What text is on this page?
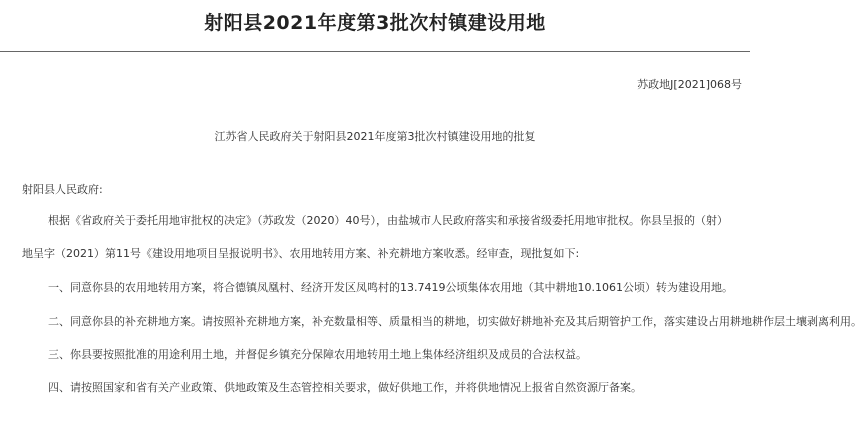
射阳县2021年度第3批次村镇建设用地
苏政地J[2021]068号
江苏省人民政府关于射阳县2021年度第3批次村镇建设用地的批复
射阳县人民政府:
根据《省政府关于委托用地审批权的决定》（苏政发（2020）40号），由盐城市人民政府落实和承接省级委托用地审批权。你县呈报的（射）地呈字（2021）第11号《建设用地项目呈报说明书》、农用地转用方案、补充耕地方案收悉。经审查，现批复如下:
一、同意你县的农用地转用方案，将合德镇凤凰村、经济开发区凤鸣村的13.7419公顷集体农用地（其中耕地10.1061公顷）转为建设用地。
二、同意你县的补充耕地方案。请按照补充耕地方案，补充数量相等、质量相当的耕地，切实做好耕地补充及其后期管护工作，落实建设占用耕地耕作层土壤剥离利用。
三、你县要按照批准的用途利用土地，并督促乡镇充分保障农用地转用土地上集体经济组织及成员的合法权益。
四、请按照国家和省有关产业政策、供地政策及生态管控相关要求，做好供地工作，并将供地情况上报省自然资源厅备案。
